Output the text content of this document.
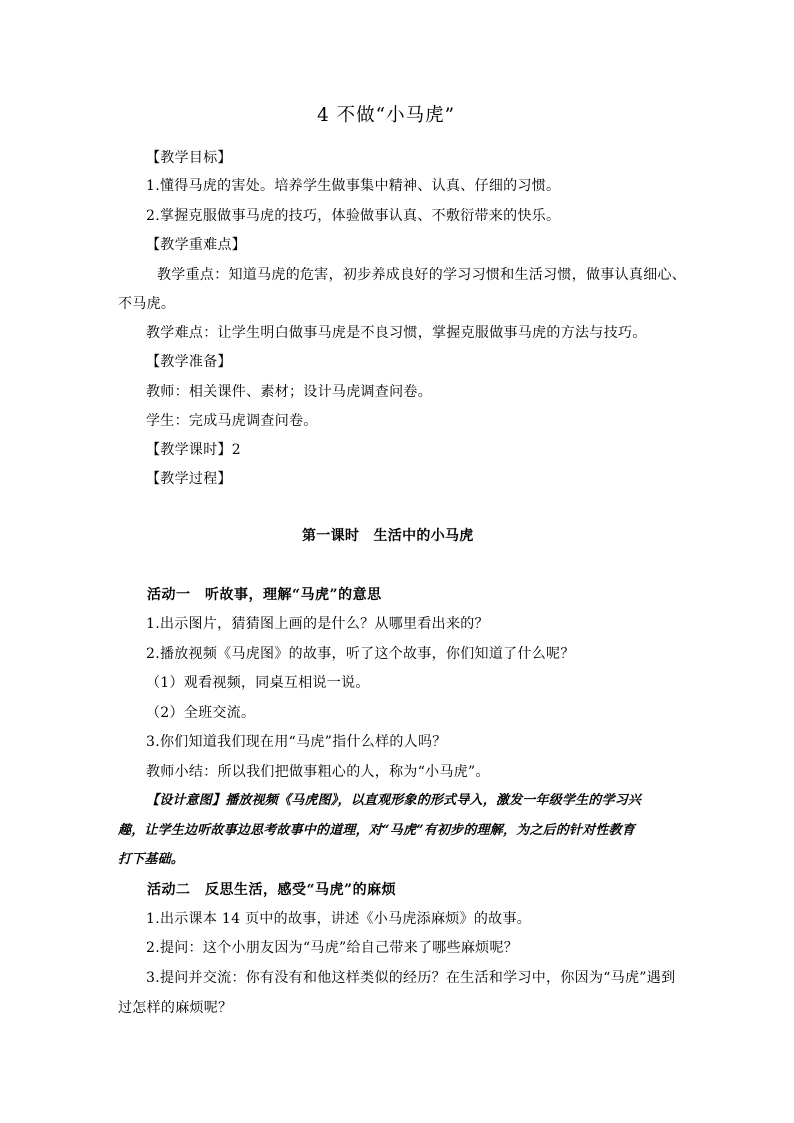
4 不做“小马虎”
【教学目标】
1.懂得马虎的害处。培养学生做事集中精神、认真、仔细的习惯。
2.掌握克服做事马虎的技巧，体验做事认真、不敷衍带来的快乐。
【教学重难点】
教学重点：知道马虎的危害，初步养成良好的学习习惯和生活习惯，做事认真细心、
不马虎。
教学难点：让学生明白做事马虎是不良习惯，掌握克服做事马虎的方法与技巧。
【教学准备】
教师：相关课件、素材；设计马虎调查问卷。
学生：完成马虎调查问卷。
【教学课时】2
【教学过程】
第一课时　生活中的小马虎
活动一　听故事，理解“马虎”的意思
1.出示图片，猜猜图上画的是什么？从哪里看出来的？
2.播放视频《马虎图》的故事，听了这个故事，你们知道了什么呢？
（1）观看视频，同桌互相说一说。
（2）全班交流。
3.你们知道我们现在用“马虎”指什么样的人吗？
教师小结：所以我们把做事粗心的人，称为“小马虎”。
【设计意图】播放视频《马虎图》，以直观形象的形式导入，激发一年级学生的学习兴
趣，让学生边听故事边思考故事中的道理，对“马虎”有初步的理解，为之后的针对性教育
打下基础。
活动二　反思生活，感受“马虎”的麻烦
1.出示课本 14 页中的故事，讲述《小马虎添麻烦》的故事。
2.提问：这个小朋友因为“马虎”给自己带来了哪些麻烦呢？
3.提问并交流：你有没有和他这样类似的经历？在生活和学习中，你因为“马虎”遇到
过怎样的麻烦呢？
